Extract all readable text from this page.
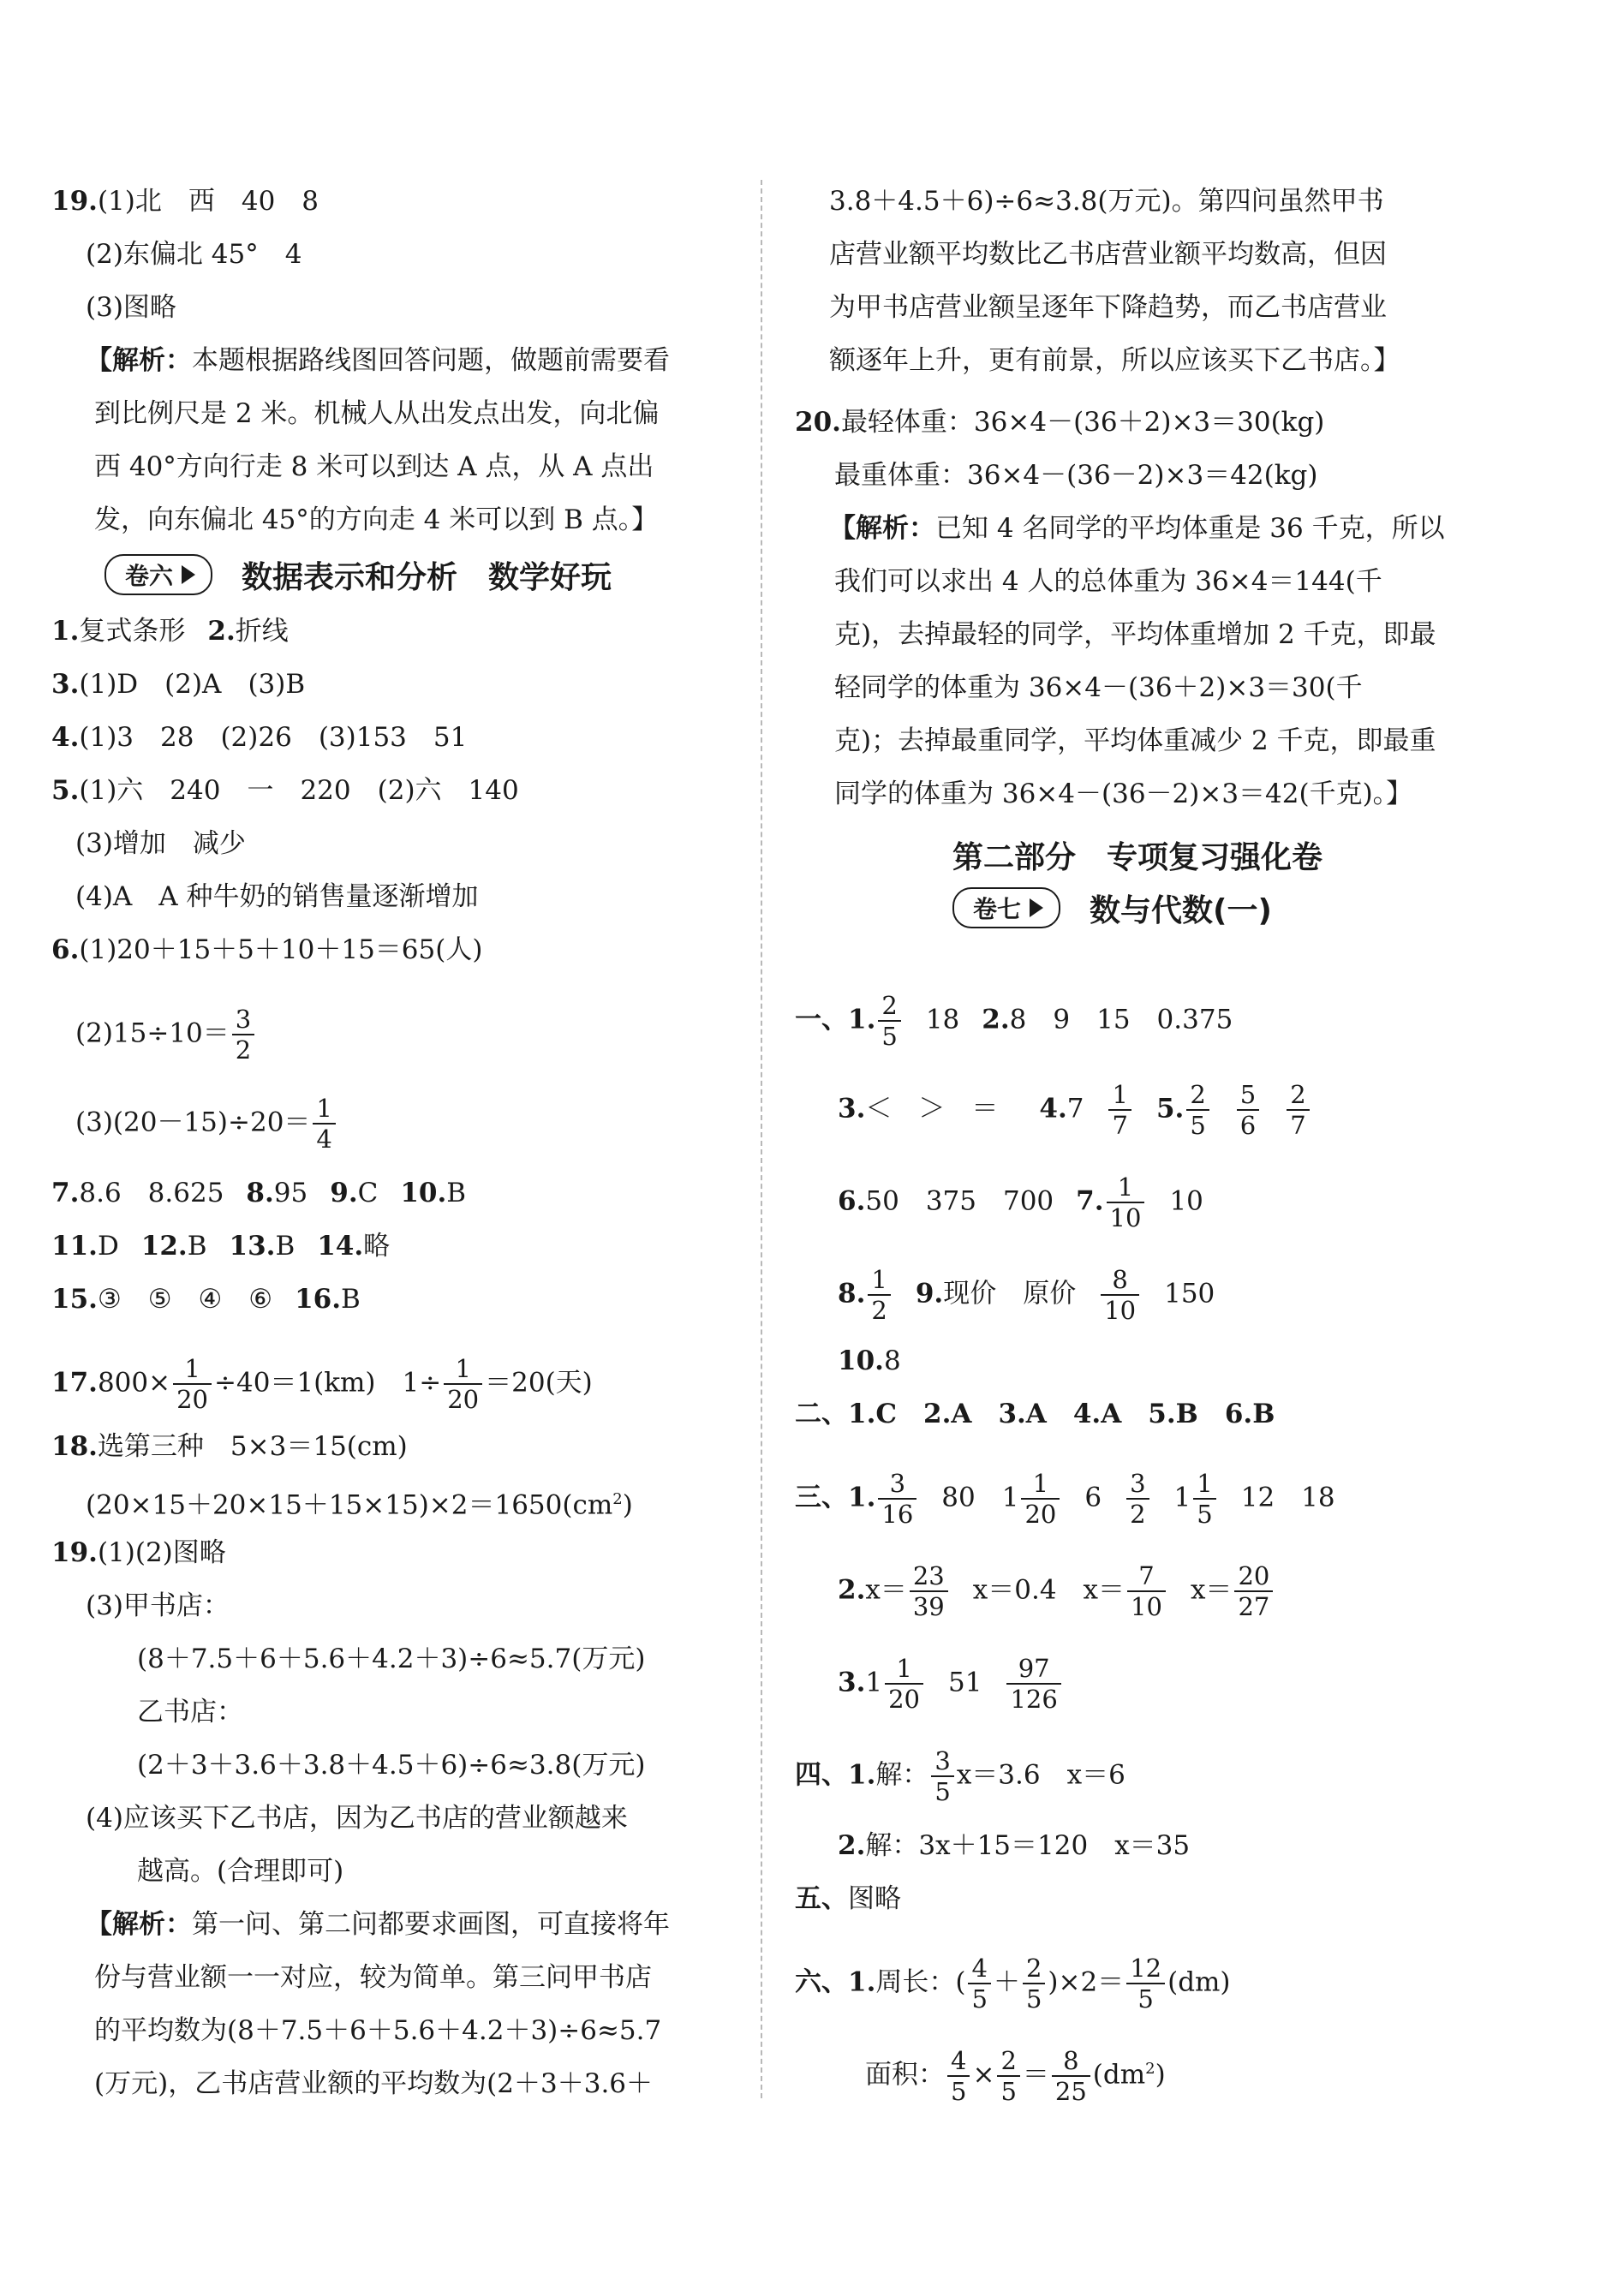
19.(1)北　西　40　8
(2)东偏北 45°　4
(3)图略
【解析：本题根据路线图回答问题，做题前需要看
到比例尺是 2 米。机械人从出发点出发，向北偏
西 40°方向行走 8 米可以到达 A 点，从 A 点出
发，向东偏北 45°的方向走 4 米可以到 B 点。】
卷六 数据表示和分析　数学好玩
1.复式条形 2.折线
3.(1)D　(2)A　(3)B
4.(1)3　28　(2)26　(3)153　51
5.(1)六　240　一　220　(2)六　140
(3)增加　减少
(4)A　A 种牛奶的销售量逐渐增加
6.(1)20＋15＋5＋10＋15＝65(人)
$(2)15\div 10= \frac{3}{2}$
$(3)(20-15)\div 20= \frac{1}{4}$
7.8.6　8.625 8.95 9.C 10.B
11.D 12.B 13.B 14.略
15.③　⑤　④　⑥ 16.B
$17.800\times \frac{1}{20} \div 40=1(km)$　$1\div \frac{1}{20} =20$(天)
18.选第三种　5×3＝15(cm)
$(20\times 15+20\times 15+15\times 15)\times 2=1650(cm^2)$
19.(1)(2)图略
(3)甲书店：
(8＋7.5＋6＋5.6＋4.2＋3)÷6≈5.7(万元)
乙书店：
(2＋3＋3.6＋3.8＋4.5＋6)÷6≈3.8(万元)
(4)应该买下乙书店，因为乙书店的营业额越来
越高。(合理即可)
【解析：第一问、第二问都要求画图，可直接将年
份与营业额一一对应，较为简单。第三问甲书店
的平均数为(8＋7.5＋6＋5.6＋4.2＋3)÷6≈5.7
(万元)，乙书店营业额的平均数为(2＋3＋3.6＋
3.8＋4.5＋6)÷6≈3.8(万元)。第四问虽然甲书
店营业额平均数比乙书店营业额平均数高，但因
为甲书店营业额呈逐年下降趋势，而乙书店营业
额逐年上升，更有前景，所以应该买下乙书店。】
20.最轻体重：36×4－(36＋2)×3＝30(kg)
最重体重：36×4－(36－2)×3＝42(kg)
【解析：已知 4 名同学的平均体重是 36 千克，所以
我们可以求出 4 人的总体重为 36×4＝144(千
克)，去掉最轻的同学，平均体重增加 2 千克，即最
轻同学的体重为 36×4－(36＋2)×3＝30(千
克)；去掉最重同学，平均体重减少 2 千克，即最重
同学的体重为 36×4－(36－2)×3＝42(千克)。】
第二部分　专项复习强化卷
卷七 数与代数(一)
一、1. $\frac{2}{5} 18$ 2.8　9　15　0.375
3.＜　＞　＝ $4.7 \frac{1}{7} 5$. $\frac{2}{5} \frac{5}{6} \frac{2}{7}$
6.50　375　700 7. $\frac{1}{10} 10$
8. $\frac{1}{2} 9$.现价　原价 $\frac{8}{10} 150$
10.8
二、1.C　2.A　3.A　4.A　5.B　6.B
三、1. $\frac{3}{16} 80$　$1 \frac{1}{20} 6 \frac{3}{2} 1 \frac{1}{5} 12$　18
$2.x= \frac{23}{39} x=0.4$　$x= \frac{7}{10} x= \frac{20}{27}$
$3.1 \frac{1}{20} 51 \frac{97}{126}$
四、1.解： $\frac{3}{5} x=3.6$　x＝6
2.解：3x＋15＝120　x＝35
五、图略
六、1.周长：( $\frac{4}{5} + \frac{2}{5} )\times 2= \frac{12}{5} (dm)$
面积： $\frac{4}{5} \times \frac{2}{5} = \frac{8}{25} (dm^2)$
